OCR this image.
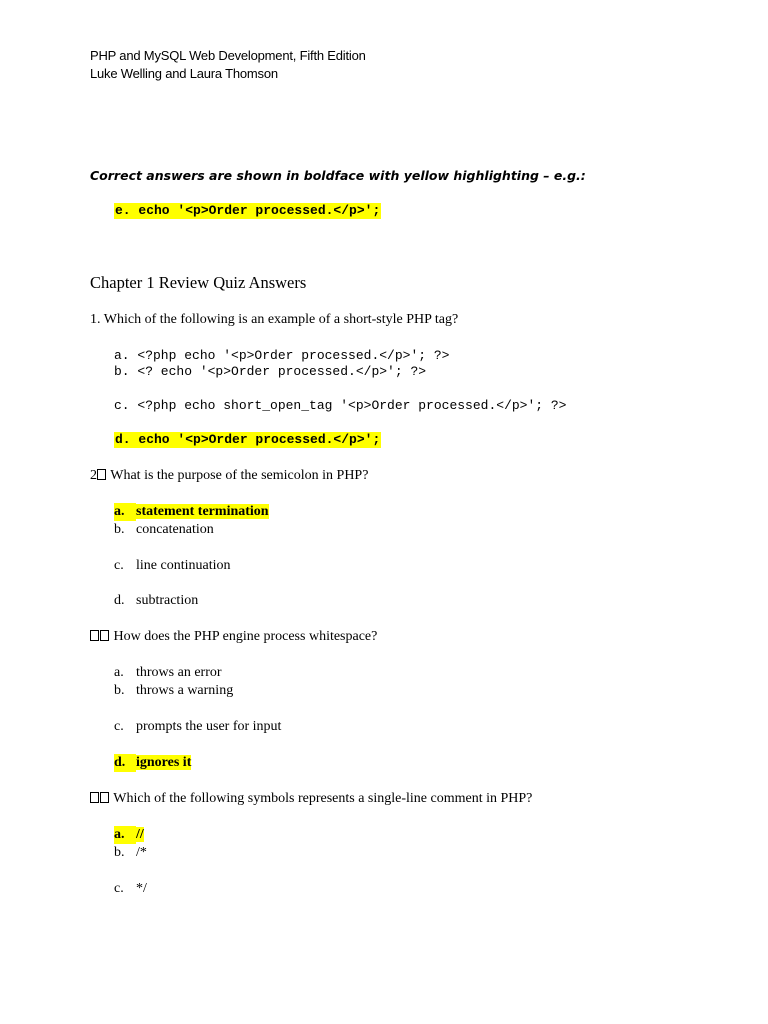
PHP and MySQL Web Development, Fifth Edition
Luke Welling and Laura Thomson
Correct answers are shown in boldface with yellow highlighting – e.g.:
e. echo '<p>Order processed.</p>';
Chapter 1 Review Quiz Answers
1. Which of the following is an example of a short-style PHP tag?
a. <?php echo '<p>Order processed.</p>'; ?>
b. <? echo '<p>Order processed.</p>'; ?>
c. <?php echo short_open_tag '<p>Order processed.</p>'; ?>
d. echo '<p>Order processed.</p>';
2 What is the purpose of the semicolon in PHP?
a. statement termination
b. concatenation
c. line continuation
d. subtraction
How does the PHP engine process whitespace?
a. throws an error
b. throws a warning
c. prompts the user for input
d. ignores it
Which of the following symbols represents a single-line comment in PHP?
a. //
b. /*
c. */
